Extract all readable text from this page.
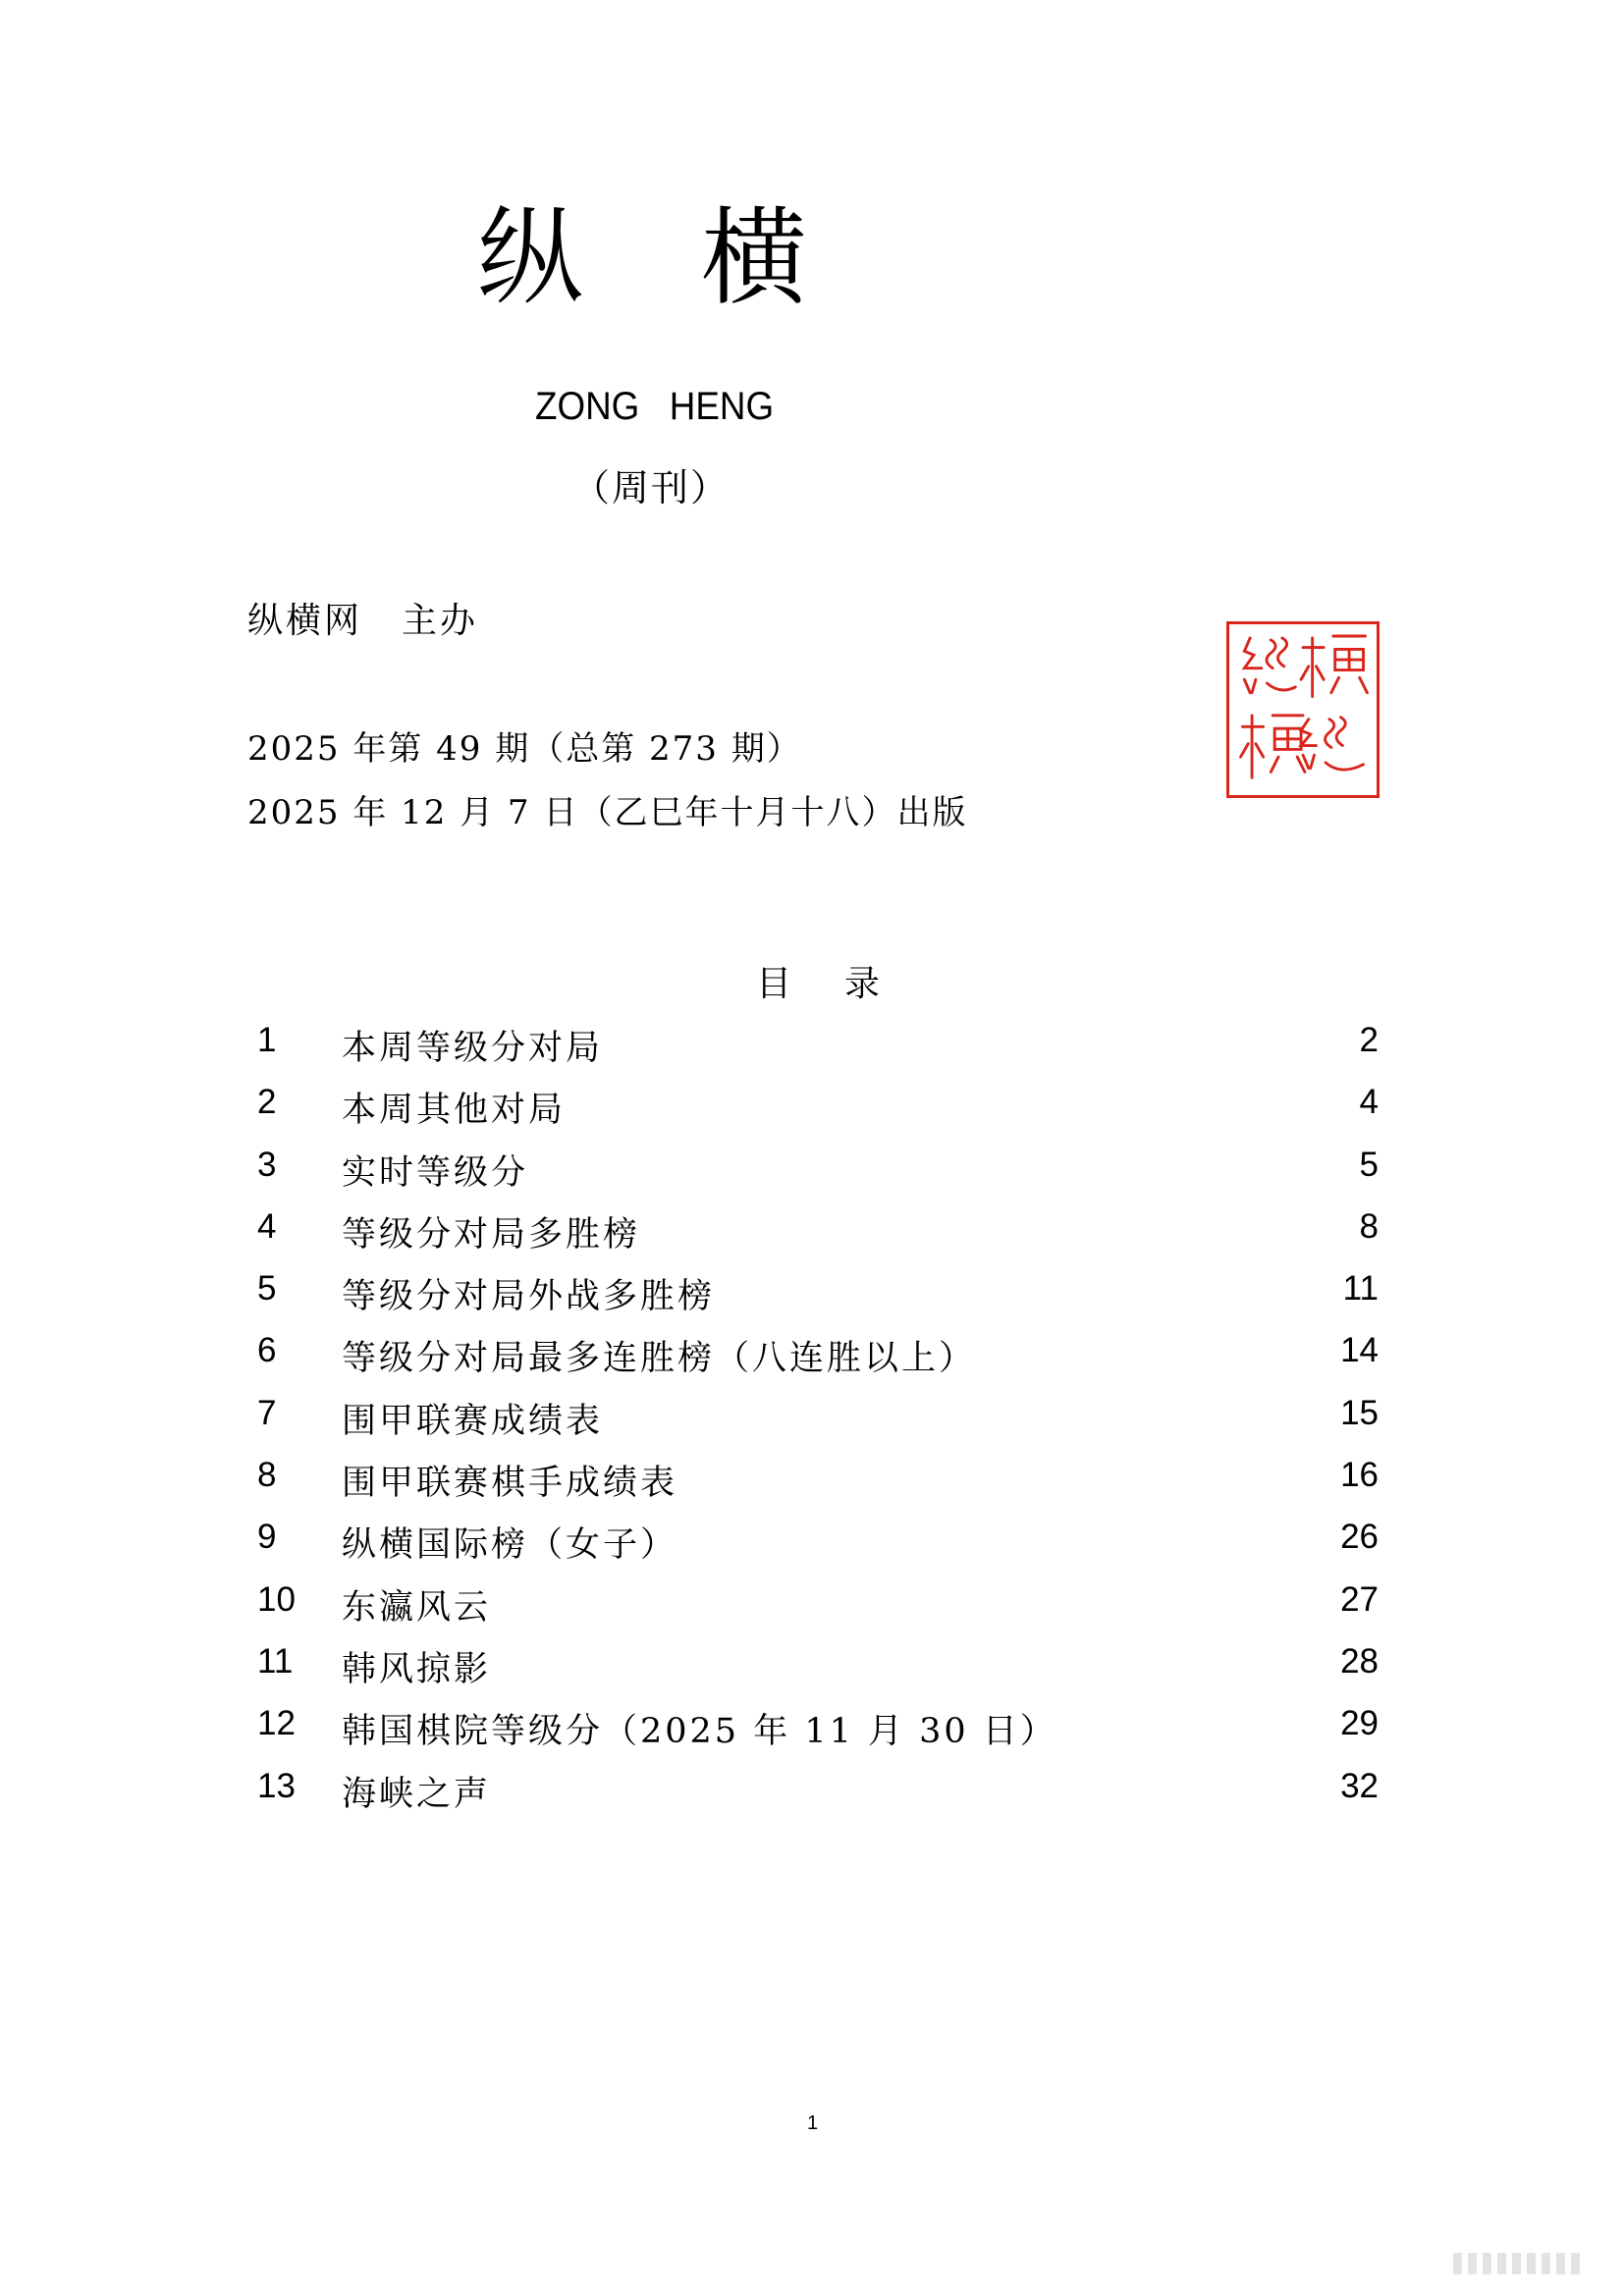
纵横
ZONG HENG
（周刊）
纵横网 主办
2025 年第 49 期（总第 273 期）
2025 年 12 月 7 日（乙巳年十月十八）出版
目录
1 本周等级分对局	2
2 本周其他对局	4
3 实时等级分	5
4 等级分对局多胜榜	8
5 等级分对局外战多胜榜	11
6 等级分对局最多连胜榜（八连胜以上）	14
7 围甲联赛成绩表	15
8 围甲联赛棋手成绩表	16
9 纵横国际榜（女子）	26
10 东瀛风云	27
11 韩风掠影	28
12 韩国棋院等级分（2025 年 11 月 30 日）	29
13 海峡之声	32
1
